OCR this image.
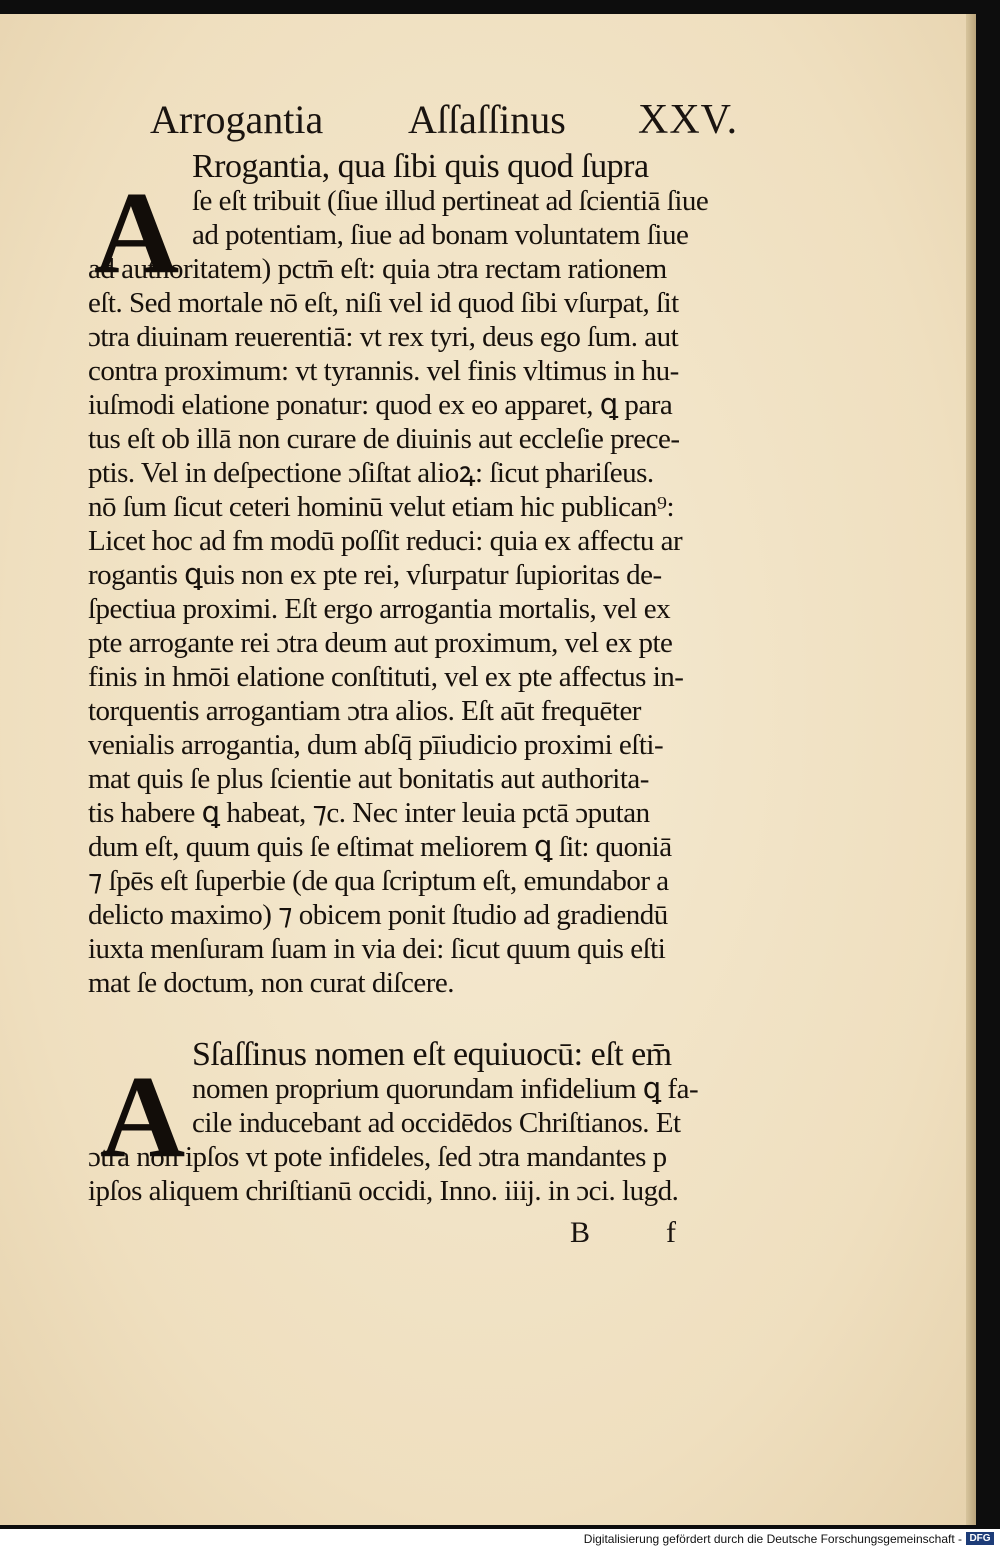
Arrogantia Aſſaſſinus XXV.
A
Rrogantia, qua ſibi quis quod ſupra
ſe eſt tribuit (ſiue illud pertineat ad ſcientiā ſiue
ad potentiam, ſiue ad bonam voluntatem ſiue
ad authoritatem) pctm̄ eſt: quia ɔtra rectam rationem
eſt. Sed mortale nō eſt, niſi vel id quod ſibi vſurpat, ſit
ɔtra diuinam reuerentiā: vt rex tyri, deus ego ſum. aut
contra proximum: vt tyrannis. vel finis vltimus in hu-
iuſmodi elatione ponatur: quod ex eo apparet, ꝗ para
tus eſt ob illā non curare de diuinis aut eccleſie prece-
ptis. Vel in deſpectione ɔſiſtat alioꝝ: ſicut phariſeus.
nō ſum ſicut ceteri hominū velut etiam hic publican⁹:
Licet hoc ad fm modū poſſit reduci: quia ex affectu ar
rogantis ꝗuis non ex pte rei, vſurpatur ſupioritas de-
ſpectiua proximi. Eſt ergo arrogantia mortalis, vel ex
pte arrogante rei ɔtra deum aut proximum, vel ex pte
finis in hmōi elatione conſtituti, vel ex pte affectus in-
torquentis arrogantiam ɔtra alios. Eſt aūt frequēter
venialis arrogantia, dum abſq̄ pīiudicio proximi eſti-
mat quis ſe plus ſcientie aut bonitatis aut authorita-
tis habere ꝗ habeat, ⁊c. Nec inter leuia pctā ɔputan
dum eſt, quum quis ſe eſtimat meliorem ꝗ ſit: quoniā
⁊ ſpēs eſt ſuperbie (de qua ſcriptum eſt, emundabor a
delicto maximo) ⁊ obicem ponit ſtudio ad gradiendū
iuxta menſuram ſuam in via dei: ſicut quum quis eſti
mat ſe doctum, non curat diſcere.
A Sſaſſinus nomen eſt equiuocū: eſt em̄
nomen proprium quorundam infidelium ꝗ fa-
cile inducebant ad occidēdos Chriſtianos. Et
ɔtra non ipſos vt pote infideles, ſed ɔtra mandantes p
ipſos aliquem chriſtianū occidi, Inno. iiij. in ɔci. lugd.
B	f
Digitalisierung gefördert durch die Deutsche Forschungsgemeinschaft - DFG
